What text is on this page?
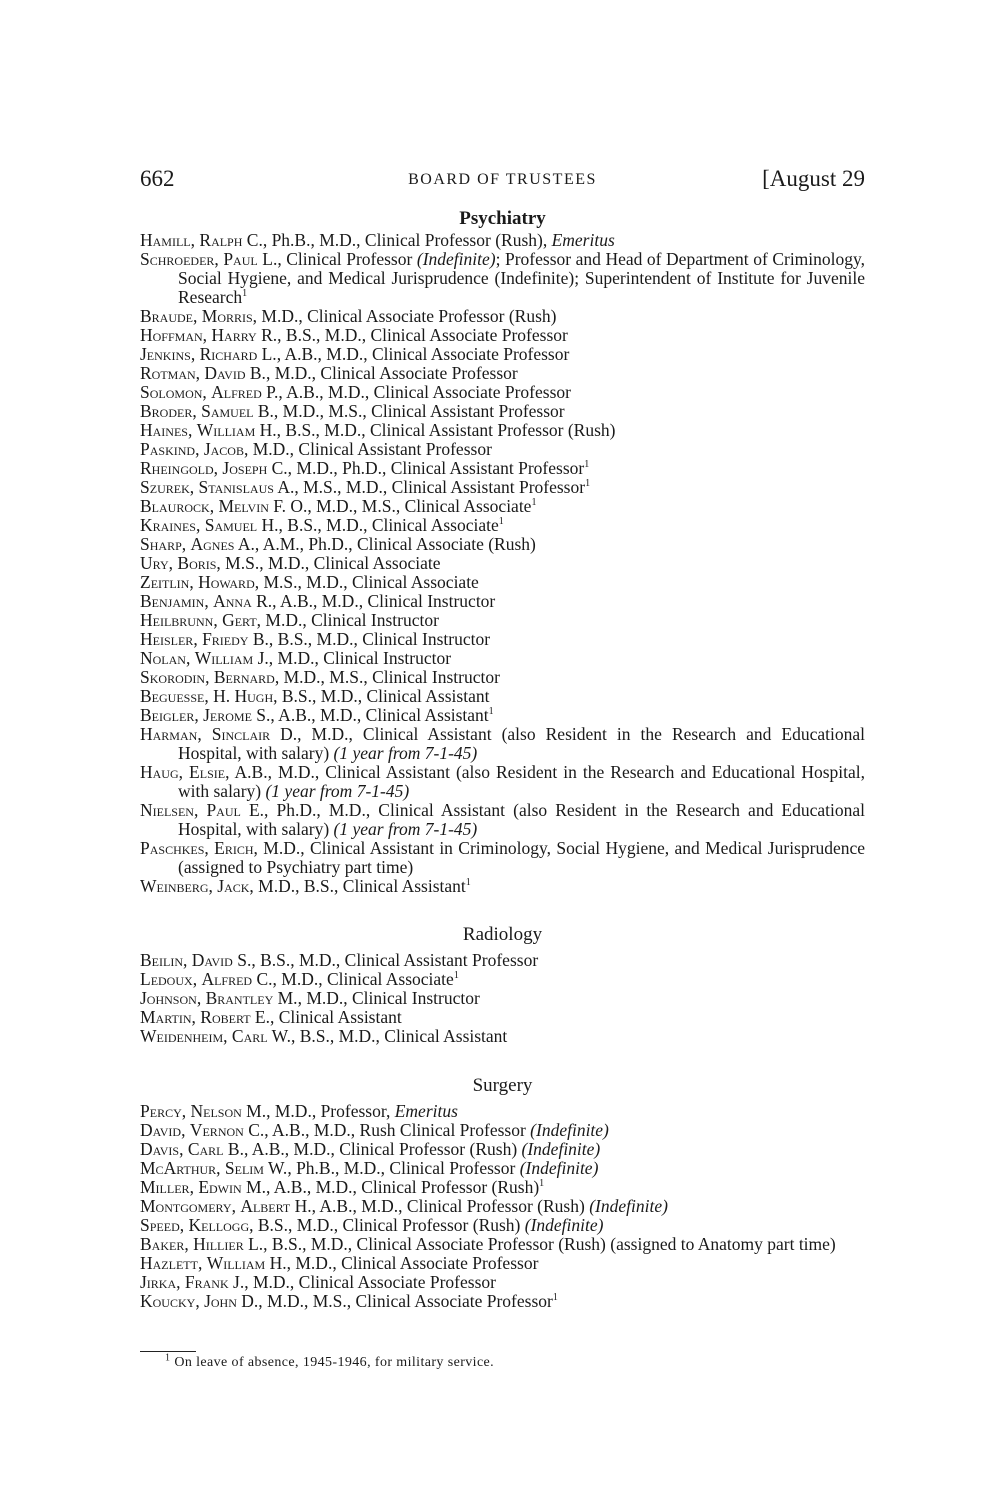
662	BOARD OF TRUSTEES	[August 29
Psychiatry

Hamill, Ralph C., Ph.B., M.D., Clinical Professor (Rush), Emeritus

Schroeder, Paul L., Clinical Professor (Indefinite); Professor and Head of Department of Criminology, Social Hygiene, and Medical Jurisprudence (Indefinite); Superintendent of Institute for Juvenile Research$^1$

Braude, Morris, M.D., Clinical Associate Professor (Rush)

Hoffman, Harry R., B.S., M.D., Clinical Associate Professor

Jenkins, Richard L., A.B., M.D., Clinical Associate Professor

Rotman, David B., M.D., Clinical Associate Professor

Solomon, Alfred P., A.B., M.D., Clinical Associate Professor

Broder, Samuel B., M.D., M.S., Clinical Assistant Professor

Haines, William H., B.S., M.D., Clinical Assistant Professor (Rush)

Paskind, Jacob, M.D., Clinical Assistant Professor

Rheingold, Joseph C., M.D., Ph.D., Clinical Assistant Professor$^1$

Szurek, Stanislaus A., M.S., M.D., Clinical Assistant Professor$^1$

Blaurock, Melvin F. O., M.D., M.S., Clinical Associate$^1$

Kraines, Samuel H., B.S., M.D., Clinical Associate$^1$

Sharp, Agnes A., A.M., Ph.D., Clinical Associate (Rush)

Ury, Boris, M.S., M.D., Clinical Associate

Zeitlin, Howard, M.S., M.D., Clinical Associate

Benjamin, Anna R., A.B., M.D., Clinical Instructor

Heilbrunn, Gert, M.D., Clinical Instructor

Heisler, Friedy B., B.S., M.D., Clinical Instructor

Nolan, William J., M.D., Clinical Instructor

Skorodin, Bernard, M.D., M.S., Clinical Instructor

Beguesse, H. Hugh, B.S., M.D., Clinical Assistant

Beigler, Jerome S., A.B., M.D., Clinical Assistant$^1$

Harman, Sinclair D., M.D., Clinical Assistant (also Resident in the Research and Educational Hospital, with salary) (1 year from 7-1-45)

Haug, Elsie, A.B., M.D., Clinical Assistant (also Resident in the Research and Educational Hospital, with salary) (1 year from 7-1-45)

Nielsen, Paul E., Ph.D., M.D., Clinical Assistant (also Resident in the Research and Educational Hospital, with salary) (1 year from 7-1-45)

Paschkes, Erich, M.D., Clinical Assistant in Criminology, Social Hygiene, and Medical Jurisprudence (assigned to Psychiatry part time)

Weinberg, Jack, M.D., B.S., Clinical Assistant$^1$

Radiology

Beilin, David S., B.S., M.D., Clinical Assistant Professor

Ledoux, Alfred C., M.D., Clinical Associate$^1$

Johnson, Brantley M., M.D., Clinical Instructor

Martin, Robert E., Clinical Assistant

Weidenheim, Carl W., B.S., M.D., Clinical Assistant

Surgery

Percy, Nelson M., M.D., Professor, Emeritus

David, Vernon C., A.B., M.D., Rush Clinical Professor (Indefinite)

Davis, Carl B., A.B., M.D., Clinical Professor (Rush) (Indefinite)

McArthur, Selim W., Ph.B., M.D., Clinical Professor (Indefinite)

Miller, Edwin M., A.B., M.D., Clinical Professor (Rush)$^1$

Montgomery, Albert H., A.B., M.D., Clinical Professor (Rush) (Indefinite)

Speed, Kellogg, B.S., M.D., Clinical Professor (Rush) (Indefinite)

Baker, Hillier L., B.S., M.D., Clinical Associate Professor (Rush) (assigned to Anatomy part time)

Hazlett, William H., M.D., Clinical Associate Professor

Jirka, Frank J., M.D., Clinical Associate Professor

Koucky, John D., M.D., M.S., Clinical Associate Professor$^1$

$^1$ On leave of absence, 1945-1946, for military service.
